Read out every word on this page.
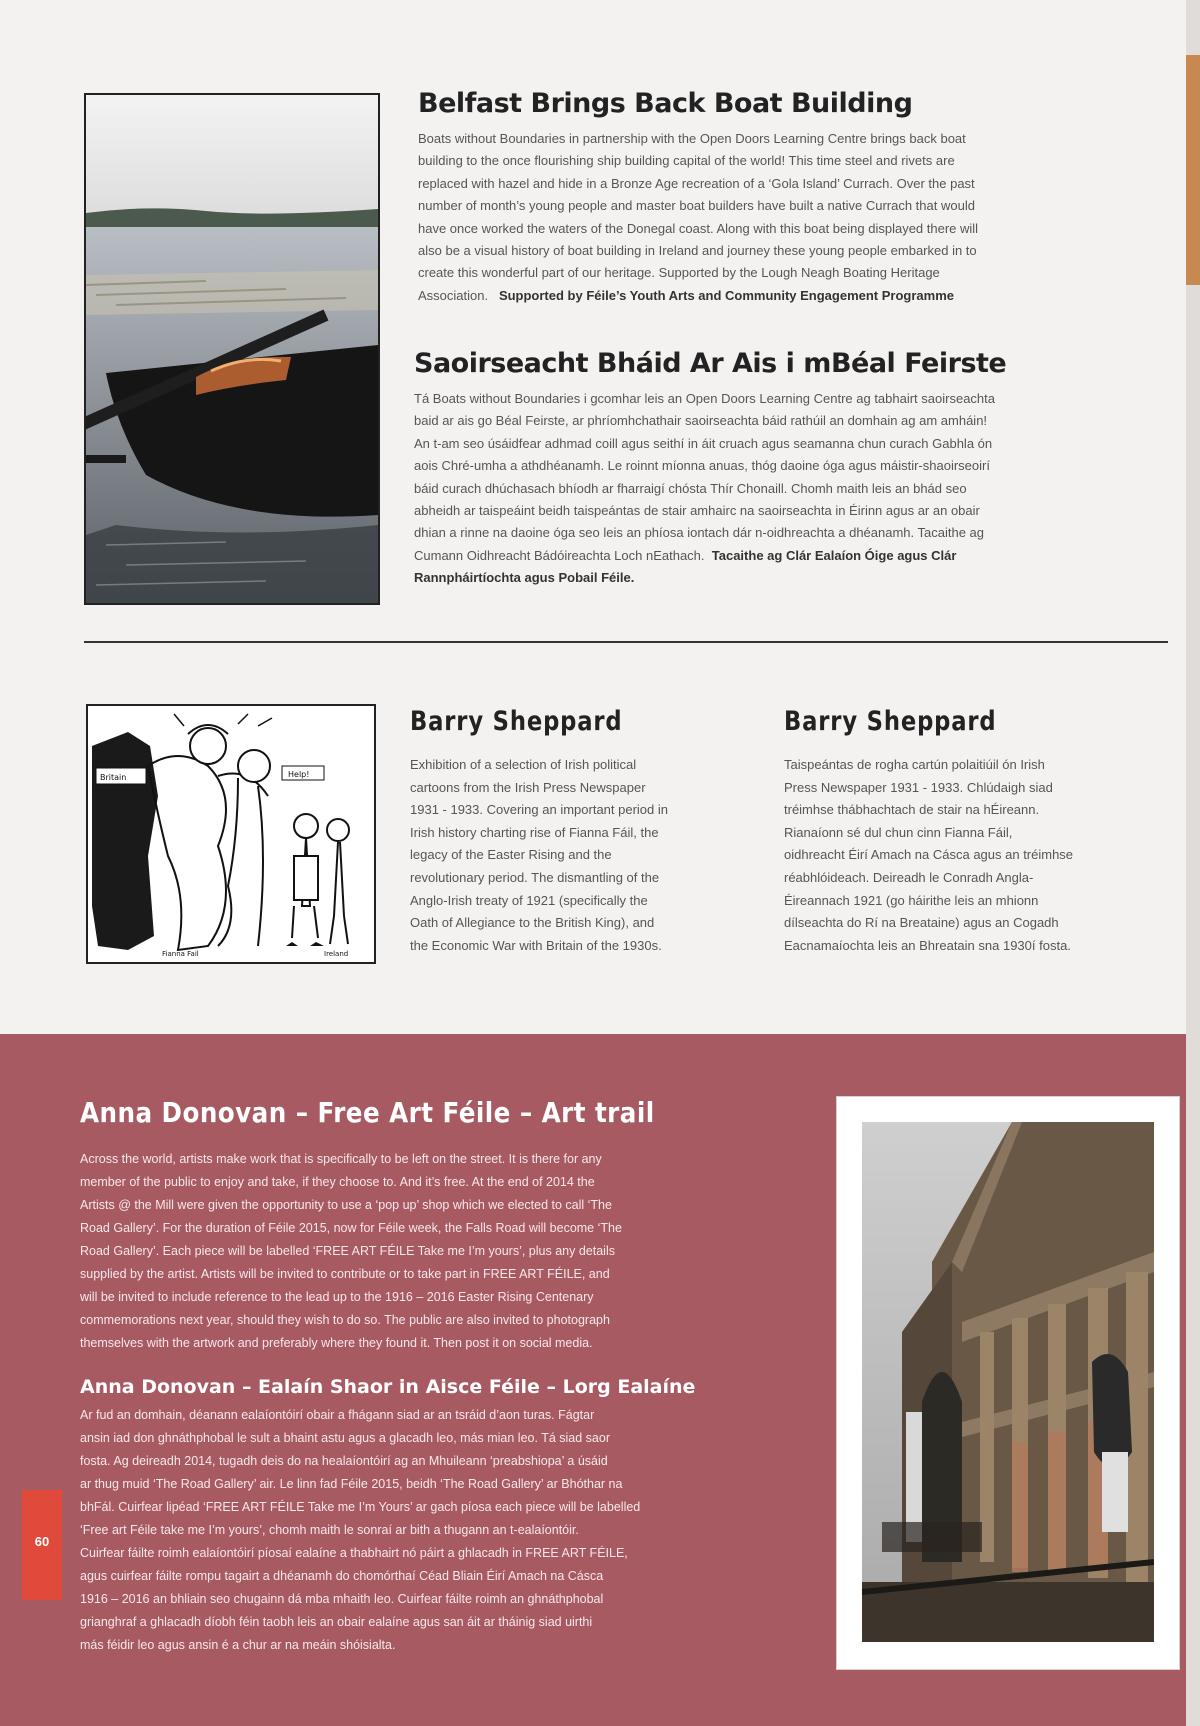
Belfast Brings Back Boat Building
Boats without Boundaries in partnership with the Open Doors Learning Centre brings back boat
building to the once flourishing ship building capital of the world! This time steel and rivets are
replaced with hazel and hide in a Bronze Age recreation of a ‘Gola Island’ Currach. Over the past
number of month’s young people and master boat builders have built a native Currach that would
have once worked the waters of the Donegal coast. Along with this boat being displayed there will
also be a visual history of boat building in Ireland and journey these young people embarked in to
create this wonderful part of our heritage. Supported by the Lough Neagh Boating Heritage
Association. Supported by Féile’s Youth Arts and Community Engagement Programme
Saoirseacht Bháid Ar Ais i mBéal Feirste
Tá Boats without Boundaries i gcomhar leis an Open Doors Learning Centre ag tabhairt saoirseachta
baid ar ais go Béal Feirste, ar phríomhchathair saoirseachta báid rathúil an domhain ag am amháin!
An t-am seo úsáidfear adhmad coill agus seithí in áit cruach agus seamanna chun curach Gabhla ón
aois Chré-umha a athdhéanamh. Le roinnt míonna anuas, thóg daoine óga agus máistir-shaoirseoirí
báid curach dhúchasach bhíodh ar fharraigí chósta Thír Chonaill. Chomh maith leis an bhád seo
abheidh ar taispeáint beidh taispeántas de stair amhairc na saoirseachta in Éirinn agus ar an obair
dhian a rinne na daoine óga seo leis an phíosa iontach dár n-oidhreachta a dhéanamh. Tacaithe ag
Cumann Oidhreacht Bádóireachta Loch nEathach. Tacaithe ag Clár Ealaíon Óige agus Clár
Rannpháirtíochta agus Pobail Féile.
Britain	Help!
Fianna Fail	Ireland
Barry Sheppard
Exhibition of a selection of Irish political
cartoons from the Irish Press Newspaper
1931 - 1933. Covering an important period in
Irish history charting rise of Fianna Fáil, the
legacy of the Easter Rising and the
revolutionary period. The dismantling of the
Anglo-Irish treaty of 1921 (specifically the
Oath of Allegiance to the British King), and
the Economic War with Britain of the 1930s.
Barry Sheppard
Taispeántas de rogha cartún polaitiúil ón Irish
Press Newspaper 1931 - 1933. Chlúdaigh siad
tréimhse thábhachtach de stair na hÉireann.
Rianaíonn sé dul chun cinn Fianna Fáil,
oidhreacht Éirí Amach na Cásca agus an tréimhse
réabhlóideach. Deireadh le Conradh Angla-
Éireannach 1921 (go háirithe leis an mhionn
dílseachta do Rí na Breataine) agus an Cogadh
Eacnamaíochta leis an Bhreatain sna 1930í fosta.
Anna Donovan – Free Art Féile – Art trail
Across the world, artists make work that is specifically to be left on the street. It is there for any
member of the public to enjoy and take, if they choose to. And it’s free. At the end of 2014 the
Artists @ the Mill were given the opportunity to use a ‘pop up’ shop which we elected to call ‘The
Road Gallery’. For the duration of Féile 2015, now for Féile week, the Falls Road will become ‘The
Road Gallery’. Each piece will be labelled ‘FREE ART FÉILE Take me I’m yours’, plus any details
supplied by the artist. Artists will be invited to contribute or to take part in FREE ART FÉILE, and
will be invited to include reference to the lead up to the 1916 – 2016 Easter Rising Centenary
commemorations next year, should they wish to do so. The public are also invited to photograph
themselves with the artwork and preferably where they found it. Then post it on social media.
Anna Donovan – Ealaín Shaor in Aisce Féile – Lorg Ealaíne
Ar fud an domhain, déanann ealaíontóirí obair a fhágann siad ar an tsráid d’aon turas. Fágtar
ansin iad don ghnáthphobal le sult a bhaint astu agus a glacadh leo, más mian leo. Tá siad saor
fosta. Ag deireadh 2014, tugadh deis do na healaíontóirí ag an Mhuileann ‘preabshiopa’ a úsáid
ar thug muid ‘The Road Gallery’ air. Le linn fad Féile 2015, beidh ‘The Road Gallery’ ar Bhóthar na
bhFál. Cuirfear lipéad ‘FREE ART FÉILE Take me I’m Yours’ ar gach píosa each piece will be labelled
‘Free art Féile take me I’m yours’, chomh maith le sonraí ar bith a thugann an t-ealaíontóir.
Cuirfear fáilte roimh ealaíontóirí píosaí ealaíne a thabhairt nó páirt a ghlacadh in FREE ART FÉILE,
agus cuirfear fáilte rompu tagairt a dhéanamh do chomórthaí Céad Bliain Éirí Amach na Cásca
1916 – 2016 an bhliain seo chugainn dá mba mhaith leo. Cuirfear fáilte roimh an ghnáthphobal
grianghraf a ghlacadh díobh féin taobh leis an obair ealaíne agus san áit ar tháinig siad uirthi
más féidir leo agus ansin é a chur ar na meáin shóisialta.
60
